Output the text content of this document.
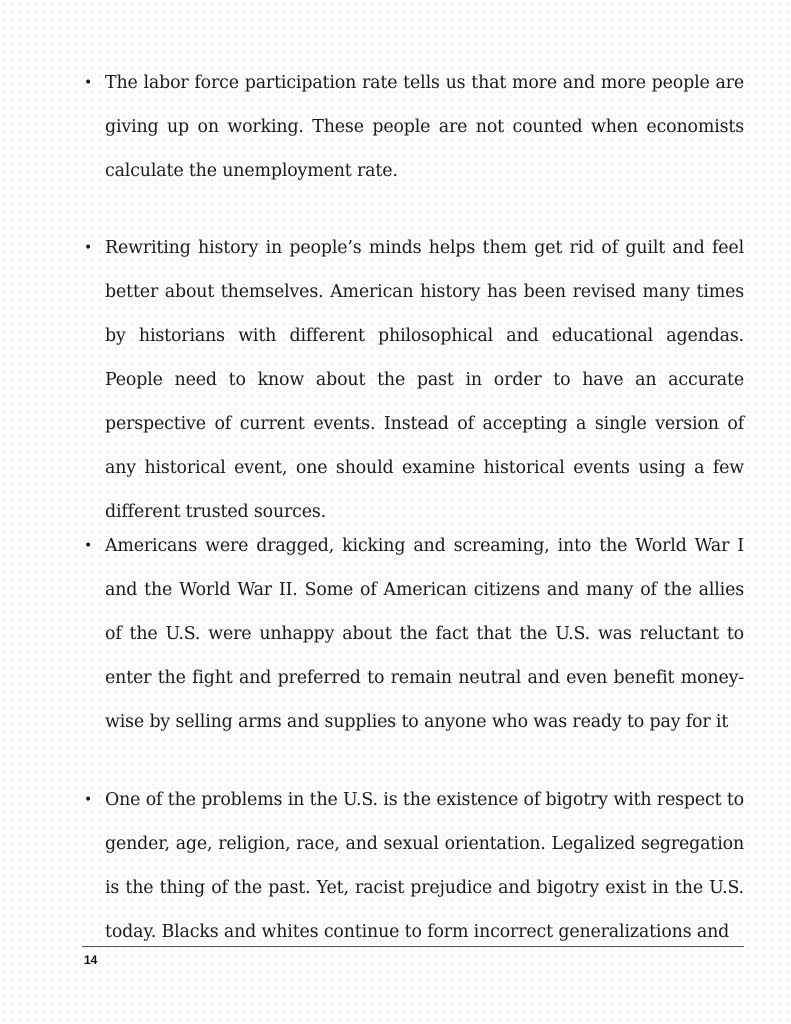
• The labor force participation rate tells us that more and more people are giving up on working. These people are not counted when economists calculate the unemployment rate.

• Rewriting history in people’s minds helps them get rid of guilt and feel better about themselves. American history has been revised many times by historians with different philosophical and educational agendas. People need to know about the past in order to have an accurate perspective of current events. Instead of accepting a single version of any historical event, one should examine historical events using a few different trusted sources.

• Americans were dragged, kicking and screaming, into the World War I and the World War II. Some of American citizens and many of the allies of the U.S. were unhappy about the fact that the U.S. was reluctant to enter the fight and preferred to remain neutral and even benefit money-wise by selling arms and supplies to anyone who was ready to pay for it

• One of the problems in the U.S. is the existence of bigotry with respect to gender, age, religion, race, and sexual orientation. Legalized segregation is the thing of the past. Yet, racist prejudice and bigotry exist in the U.S. today. Blacks and whites continue to form incorrect generalizations and

14
